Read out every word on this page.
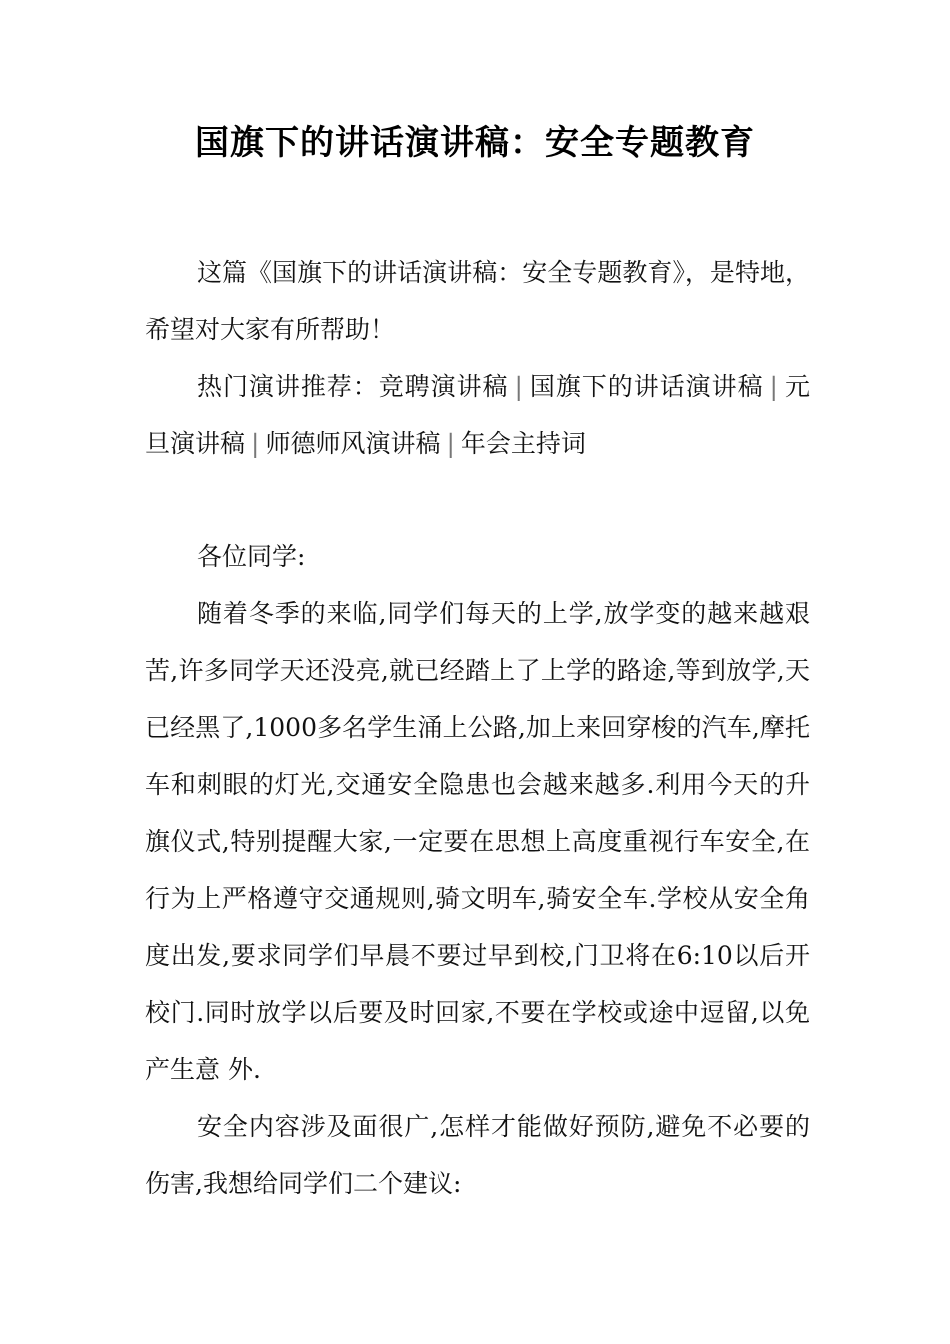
国旗下的讲话演讲稿：安全专题教育

这篇《国旗下的讲话演讲稿：安全专题教育》，是特地，希望对大家有所帮助！

热门演讲推荐：竞聘演讲稿 | 国旗下的讲话演讲稿 | 元旦演讲稿 | 师德师风演讲稿 | 年会主持词

各位同学:

随着冬季的来临,同学们每天的上学,放学变的越来越艰苦,许多同学天还没亮,就已经踏上了上学的路途,等到放学,天已经黑了,1000多名学生涌上公路,加上来回穿梭的汽车,摩托车和刺眼的灯光,交通安全隐患也会越来越多.利用今天的升旗仪式,特别提醒大家,一定要在思想上高度重视行车安全,在行为上严格遵守交通规则,骑文明车,骑安全车.学校从安全角度出发,要求同学们早晨不要过早到校,门卫将在6:10以后开校门.同时放学以后要及时回家,不要在学校或途中逗留,以免产生意 外.

安全内容涉及面很广,怎样才能做好预防,避免不必要的伤害,我想给同学们二个建议:
